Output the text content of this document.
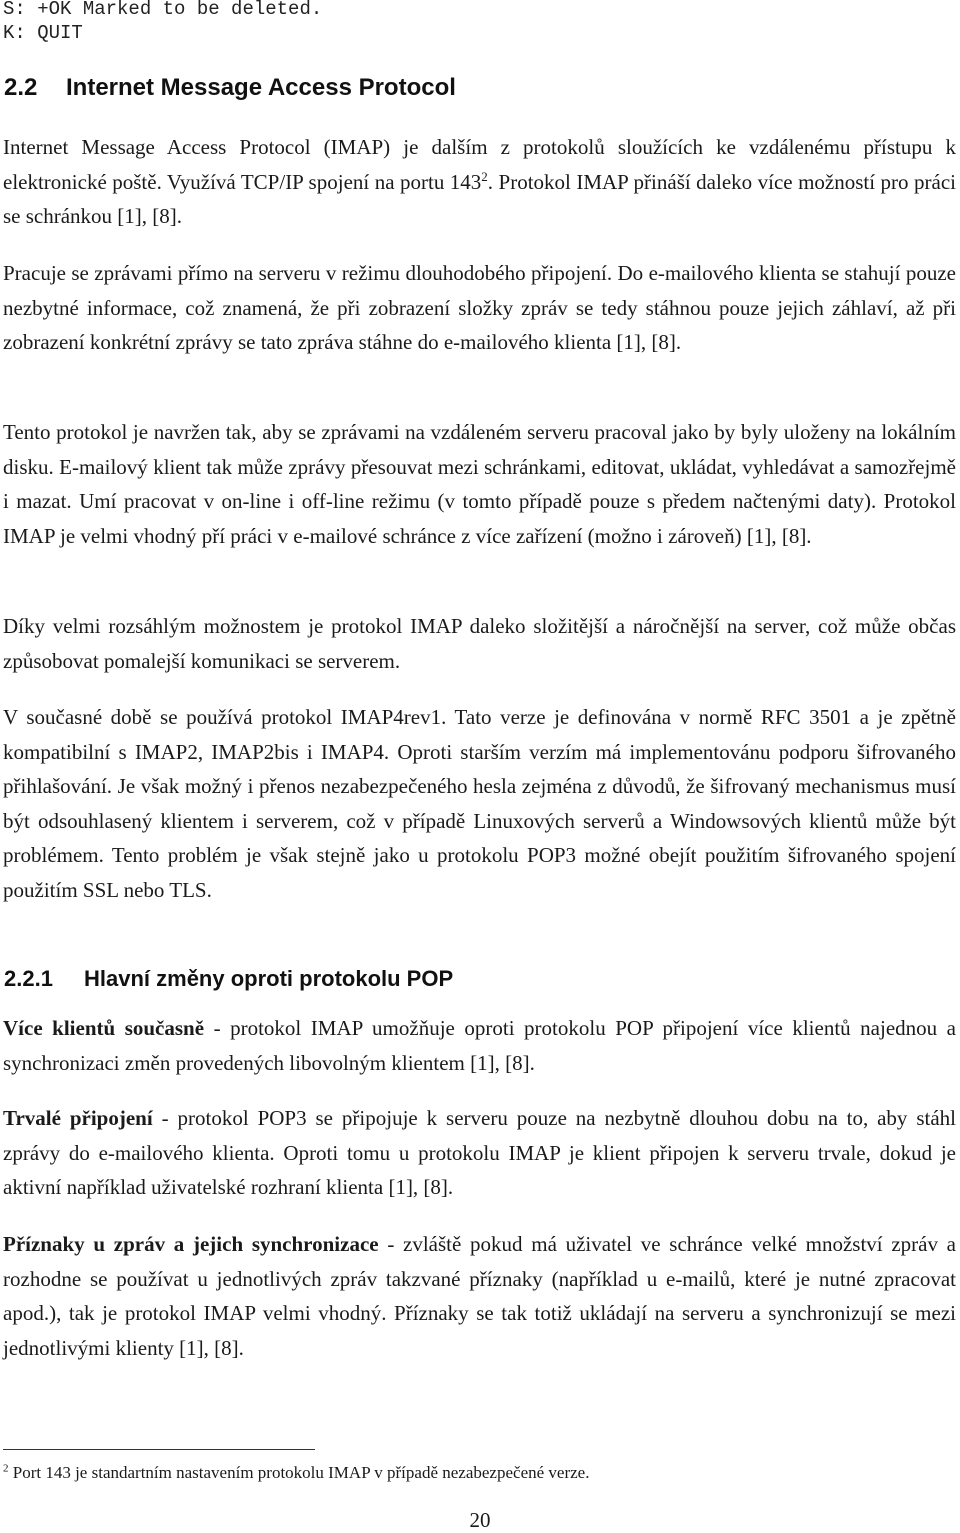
S: +OK Marked to be deleted.
K: QUIT
2.2 Internet Message Access Protocol

Internet Message Access Protocol (IMAP) je dalším z protokolů sloužících ke vzdálenému přístupu k elektronické poště. Využívá TCP/IP spojení na portu $143^2$. Protokol IMAP přináší daleko více možností pro práci se schránkou [1], [8].

Pracuje se zprávami přímo na serveru v režimu dlouhodobého připojení. Do e-mailového klienta se stahují pouze nezbytné informace, což znamená, že při zobrazení složky zpráv se tedy stáhnou pouze jejich záhlaví, až při zobrazení konkrétní zprávy se tato zpráva stáhne do e-mailového klienta [1], [8].

Tento protokol je navržen tak, aby se zprávami na vzdáleném serveru pracoval jako by byly uloženy na lokálním disku. E-mailový klient tak může zprávy přesouvat mezi schránkami, editovat, ukládat, vyhledávat a samozřejmě i mazat. Umí pracovat v on-line i off-line režimu (v tomto případě pouze s předem načtenými daty). Protokol IMAP je velmi vhodný pří práci v e-mailové schránce z více zařízení (možno i zároveň) [1], [8].

Díky velmi rozsáhlým možnostem je protokol IMAP daleko složitější a náročnější na server, což může občas způsobovat pomalejší komunikaci se serverem.

V současné době se používá protokol IMAP4rev1. Tato verze je definována v normě RFC 3501 a je zpětně kompatibilní s IMAP2, IMAP2bis i IMAP4. Oproti starším verzím má implementovánu podporu šifrovaného přihlašování. Je však možný i přenos nezabezpečeného hesla zejména z důvodů, že šifrovaný mechanismus musí být odsouhlasený klientem i serverem, což v případě Linuxových serverů a Windowsových klientů může být problémem. Tento problém je však stejně jako u protokolu POP3 možné obejít použitím šifrovaného spojení použitím SSL nebo TLS.

2.2.1 Hlavní změny oproti protokolu POP

Více klientů současně - protokol IMAP umožňuje oproti protokolu POP připojení více klientů najednou a synchronizaci změn provedených libovolným klientem [1], [8].

Trvalé připojení - protokol POP3 se připojuje k serveru pouze na nezbytně dlouhou dobu na to, aby stáhl zprávy do e-mailového klienta. Oproti tomu u protokolu IMAP je klient připojen k serveru trvale, dokud je aktivní například uživatelské rozhraní klienta [1], [8].

Příznaky u zpráv a jejich synchronizace - zvláště pokud má uživatel ve schránce velké množství zpráv a rozhodne se používat u jednotlivých zpráv takzvané příznaky (například u e-mailů, které je nutné zpracovat apod.), tak je protokol IMAP velmi vhodný. Příznaky se tak totiž ukládají na serveru a synchronizují se mezi jednotlivými klienty [1], [8].

$^2$ Port 143 je standartním nastavením protokolu IMAP v případě nezabezpečené verze.

20
